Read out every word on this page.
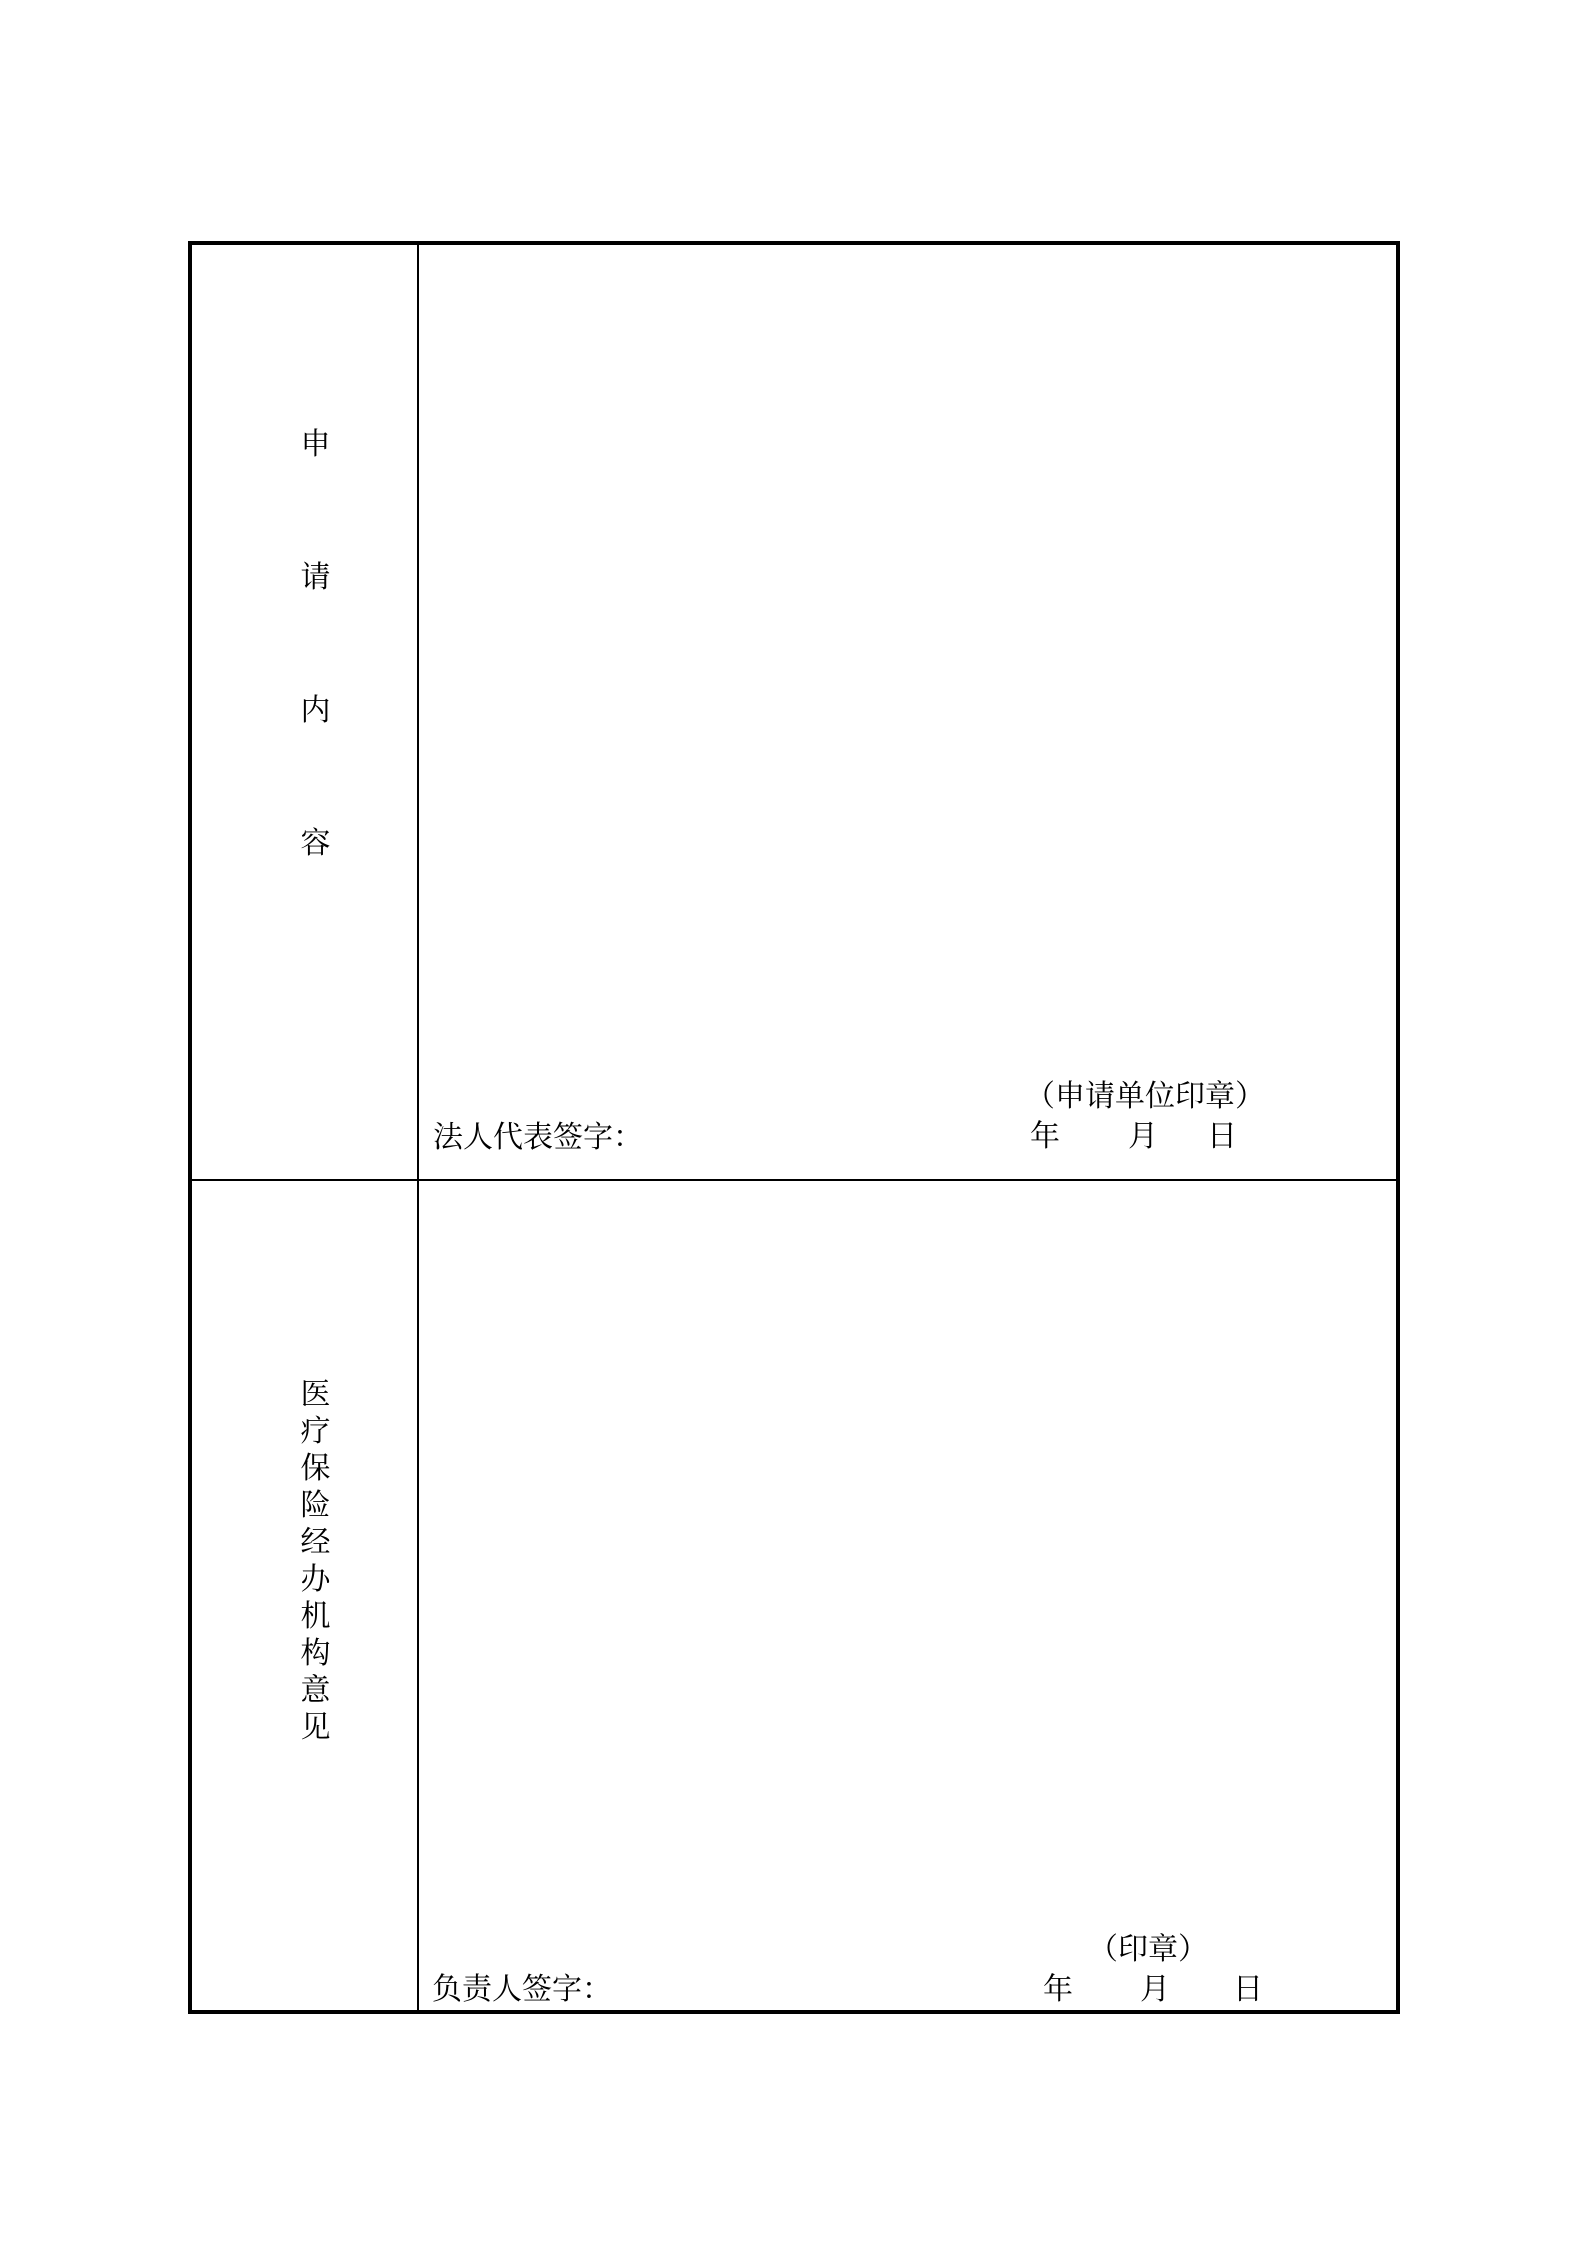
申
请
内
容
（申请单位印章）
法人代表签字：	年 月 日
医
疗
保
险
经
办
机
构
意
见
（印章）
负责人签字：	年 月 日
